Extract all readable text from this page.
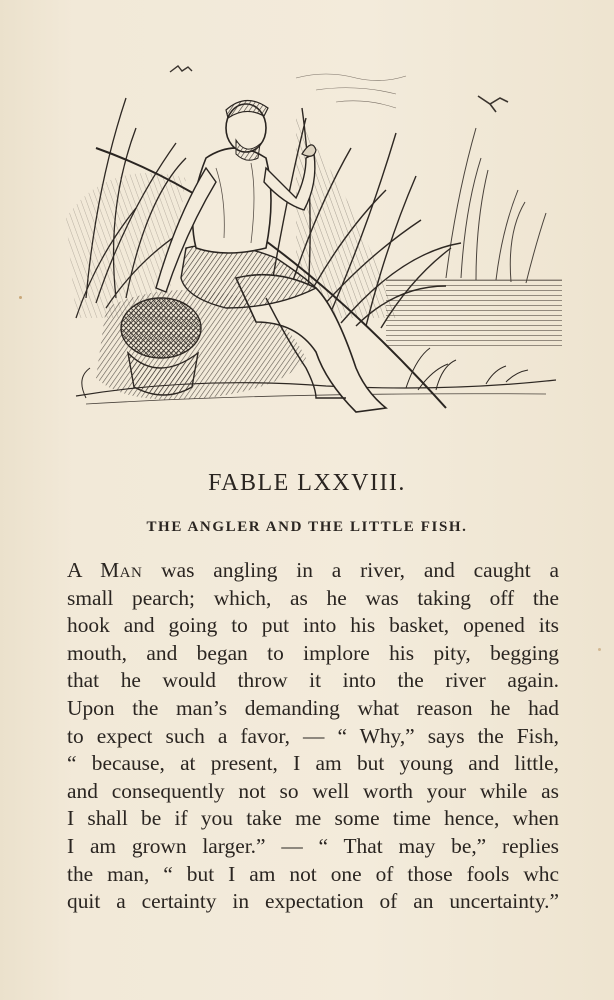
FABLE LXXVIII.
THE ANGLER AND THE LITTLE FISH.
A Man was angling in a river, and caught a
small pearch; which, as he was taking off the
hook and going to put into his basket, opened its
mouth, and began to implore his pity, begging
that he would throw it into the river again.
Upon the man’s demanding what reason he had
to expect such a favor, — “ Why,” says the Fish,
“ because, at present, I am but young and little,
and consequently not so well worth your while as
I shall be if you take me some time hence, when
I am grown larger.” — “ That may be,” replies
the man, “ but I am not one of those fools whc
quit a certainty in expectation of an uncertainty.”
